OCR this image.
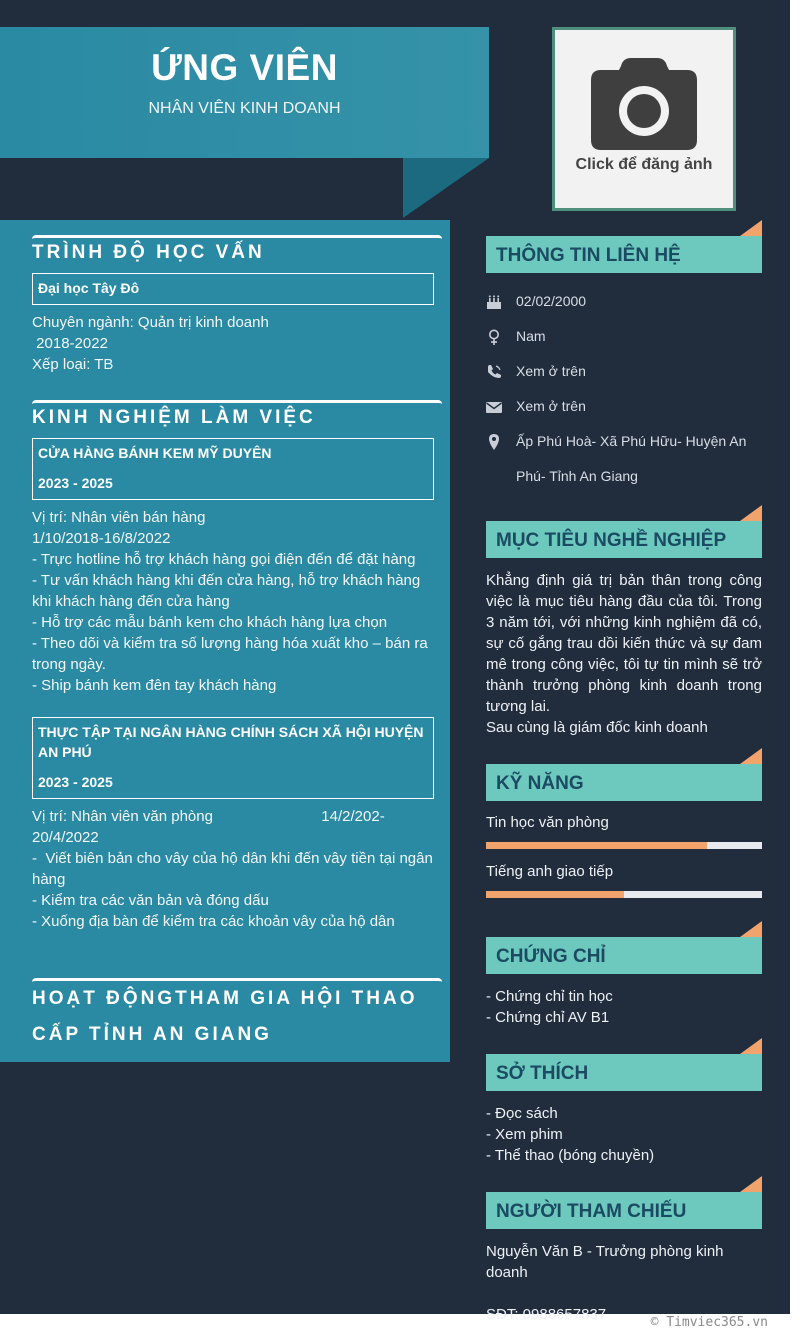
ỨNG VIÊN
NHÂN VIÊN KINH DOANH
Click để đăng ảnh
TRÌNH ĐỘ HỌC VẤN
Đại học Tây Đô
Chuyên ngành: Quản trị kinh doanh
2018-2022
Xếp loại: TB
KINH NGHIỆM LÀM VIỆC
CỬA HÀNG BÁNH KEM MỸ DUYÊN
2023 - 2025
Vị trí: Nhân viên bán hàng
1/10/2018-16/8/2022
- Trực hotline hỗ trợ khách hàng gọi điện đến để đặt hàng
- Tư vấn khách hàng khi đến cửa hàng, hỗ trợ khách hàng khi khách hàng đến cửa hàng
- Hỗ trợ các mẫu bánh kem cho khách hàng lựa chọn
- Theo dõi và kiểm tra số lượng hàng hóa xuất kho – bán ra trong ngày.
- Ship bánh kem đên tay khách hàng
THỰC TẬP TẠI NGÂN HÀNG CHÍNH SÁCH XÃ HỘI HUYỆN AN PHÚ
2023 - 2025
Vị trí: Nhân viên văn phòng                          14/2/202-20/4/2022
-  Viết biên bản cho vây của hộ dân khi đến vây tiền tại ngân hàng
- Kiểm tra các văn bản và đóng dấu
- Xuống địa bàn để kiểm tra các khoản vây của hộ dân
HOẠT ĐỘNGTHAM GIA HỘI THAO CẤP TỈNH AN GIANG
THÔNG TIN LIÊN HỆ
02/02/2000
Nam
Xem ở trên
Xem ở trên
Ấp Phú Hoà- Xã Phú Hữu- Huyện An
Phú- Tỉnh An Giang
MỤC TIÊU NGHỀ NGHIỆP
Khẳng định giá trị bản thân trong công việc là mục tiêu hàng đầu của tôi. Trong 3 năm tới, với những kinh nghiệm đã có, sự cố gắng trau dồi kiến thức và sự đam mê trong công việc, tôi tự tin mình sẽ trở thành trưởng phòng kinh doanh trong tương lai.
Sau cùng là giám đốc kinh doanh
KỸ NĂNG
Tin học văn phòng
Tiếng anh giao tiếp
CHỨNG CHỈ
- Chứng chỉ tin học
- Chứng chỉ AV B1
SỞ THÍCH
- Đọc sách
- Xem phim
- Thể thao (bóng chuyền)
NGƯỜI THAM CHIẾU
Nguyễn Văn B - Trưởng phòng kinh doanh
SĐT: 0988657837	© Timviec365.vn
